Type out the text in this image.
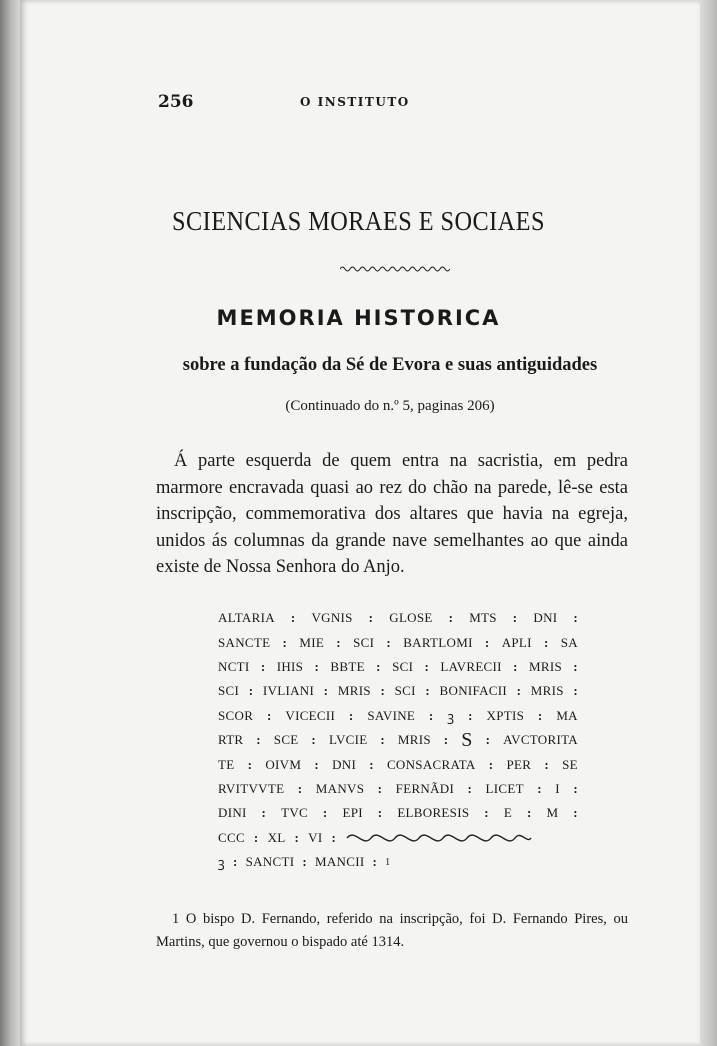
256	O INSTITUTO
SCIENCIAS MORAES E SOCIAES
MEMORIA HISTORICA
sobre a fundação da Sé de Evora e suas antiguidades
(Continuado do n.º 5, paginas 206)
Á parte esquerda de quem entra na sacristia, em pedra marmore encravada quasi ao rez do chão na parede, lê-se esta inscripção, commemorativa dos altares que havia na egreja, unidos ás columnas da grande nave semelhantes ao que ainda existe de Nossa Senhora do Anjo.
ALTARIA : VGNIS : GLOSE : MTS : DNI :
SANCTE : MIE : SCI : BARTLOMI : APLI : SA
NCTI : IHIS : BBTE : SCI : LAVRECII : MRIS :
SCI : IVLIANI : MRIS : SCI : BONIFACII : MRIS :
SCOR : VICECII : SAVINE : ꝫ : XPTIS : MA
RTR : SCE : LVCIE : MRIS : S : AVCTORITA
TE : OIVM : DNI : CONSACRATA : PER : SE
RVITVVTE : MANVS : FERNÃDI : LICET : I :
DINI : TVC : EPI : ELBORESIS : E : M :
CCC : XL : VI :
ꝫ : SANCTI : MANCII : 1
1 O bispo D. Fernando, referido na inscripção, foi D. Fernando Pires, ou Martins, que governou o bispado até 1314.
